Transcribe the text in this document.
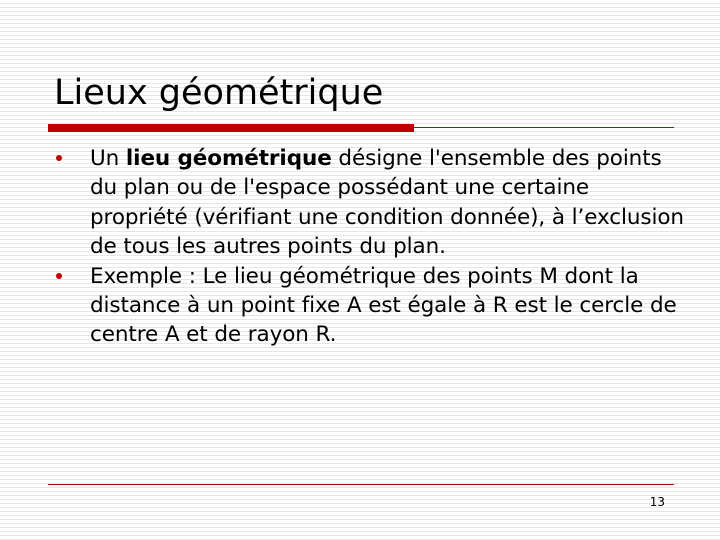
Lieux géométrique
Un lieu géométrique désigne l'ensemble des points du plan ou de l'espace possédant une certaine propriété (vérifiant une condition donnée), à l’exclusion de tous les autres points du plan.
Exemple : Le lieu géométrique des points M dont la distance à un point fixe A est égale à R est le cercle de centre A et de rayon R.
13
